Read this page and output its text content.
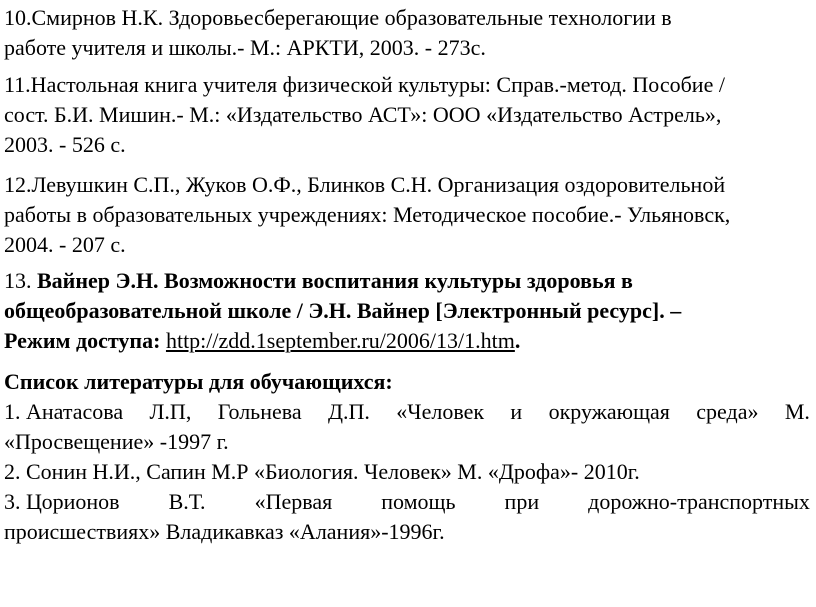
10.Смирнов Н.К. Здоровьесберегающие образовательные технологии в

работе учителя и школы.- М.: АРКТИ, 2003. - 273с.

11.Настольная книга учителя физической культуры: Справ.-метод. Пособие /

сост. Б.И. Мишин.- М.: «Издательство АСТ»: ООО «Издательство Астрель»,

2003. - 526 с.

12.Левушкин С.П., Жуков О.Ф., Блинков С.Н. Организация оздоровительной

работы в образовательных учреждениях: Методическое пособие.- Ульяновск,

2004. - 207 с.

13. Вайнер Э.Н. Возможности воспитания культуры здоровья в

общеобразовательной школе / Э.Н. Вайнер [Электронный ресурс]. –

Режим доступа: http://zdd.1september.ru/2006/13/1.htm.

Список литературы для обучающихся:

1. Анатасова Л.П, Гольнева Д.П. «Человек и окружающая среда» М.

«Просвещение» -1997 г.

2. Сонин Н.И., Сапин М.Р «Биология. Человек» М. «Дрофа»- 2010г.

3. Цорионов В.Т. «Первая помощь при дорожно-транспортных

происшествиях» Владикавказ «Алания»-1996г.
